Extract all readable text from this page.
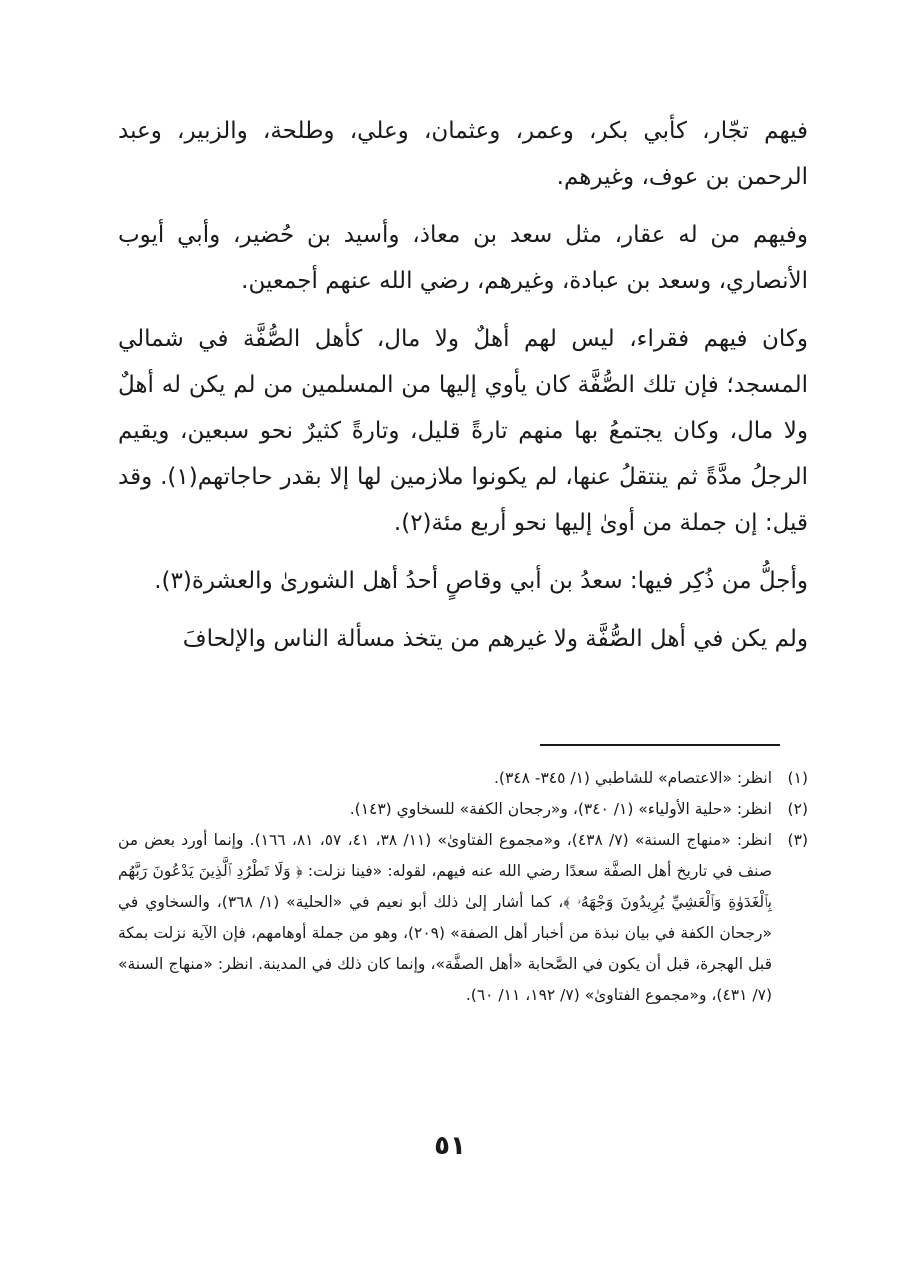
فيهم تجّار، كأبي بكر، وعمر، وعثمان، وعلي، وطلحة، والزبير، وعبد الرحمن بن عوف، وغيرهم.

وفيهم من له عقار، مثل سعد بن معاذ، وأسيد بن حُضير، وأبي أيوب الأنصاري، وسعد بن عبادة، وغيرهم، رضي الله عنهم أجمعين.

وكان فيهم فقراء، ليس لهم أهلٌ ولا مال، كأهل الصُّفَّة في شمالي المسجد؛ فإن تلك الصُّفَّة كان يأوي إليها من المسلمين من لم يكن له أهلٌ ولا مال، وكان يجتمعُ بها منهم تارةً قليل، وتارةً كثيرٌ نحو سبعين، ويقيم الرجلُ مدَّةً ثم ينتقلُ عنها، لم يكونوا ملازمين لها إلا بقدر حاجاتهم(١). وقد قيل: إن جملة من أوىٰ إليها نحو أربع مئة(٢).

وأجلُّ من ذُكِر فيها: سعدُ بن أبي وقاصٍ أحدُ أهل الشورىٰ والعشرة(٣).

ولم يكن في أهل الصُّفَّة ولا غيرهم من يتخذ مسألة الناس والإلحافَ

(١)
انظر: «الاعتصام» للشاطبي (١/ ٣٤٥- ٣٤٨).
(٢)
انظر: «حلية الأولياء» (١/ ٣٤٠)، و«رجحان الكفة» للسخاوي (١٤٣).
(٣)
انظر: «منهاج السنة» (٧/ ٤٣٨)، و«مجموع الفتاوىٰ» (١١/ ٣٨، ٤١، ٥٧، ٨١، ١٦٦). وإنما أورد بعض من صنف في تاريخ أهل الصفَّة سعدًا رضي الله عنه فيهم، لقوله: «فينا نزلت: ﴿ وَلَا تَطْرُدِ ٱلَّذِينَ يَدْعُونَ رَبَّهُم بِٱلْغَدَوٰةِ وَٱلْعَشِيِّ يُرِيدُونَ وَجْهَهُۥ ﴾، كما أشار إلىٰ ذلك أبو نعيم في «الحلية» (١/ ٣٦٨)، والسخاوي في «رجحان الكفة في بيان نبذة من أخبار أهل الصفة» (٢٠٩)، وهو من جملة أوهامهم، فإن الآية نزلت بمكة قبل الهجرة، قبل أن يكون في الصَّحابة «أهل الصفَّة»، وإنما كان ذلك في المدينة. انظر: «منهاج السنة» (٧/ ٤٣١)، و«مجموع الفتاوىٰ» (٧/ ١٩٢، ١١/ ٦٠).
٥١
